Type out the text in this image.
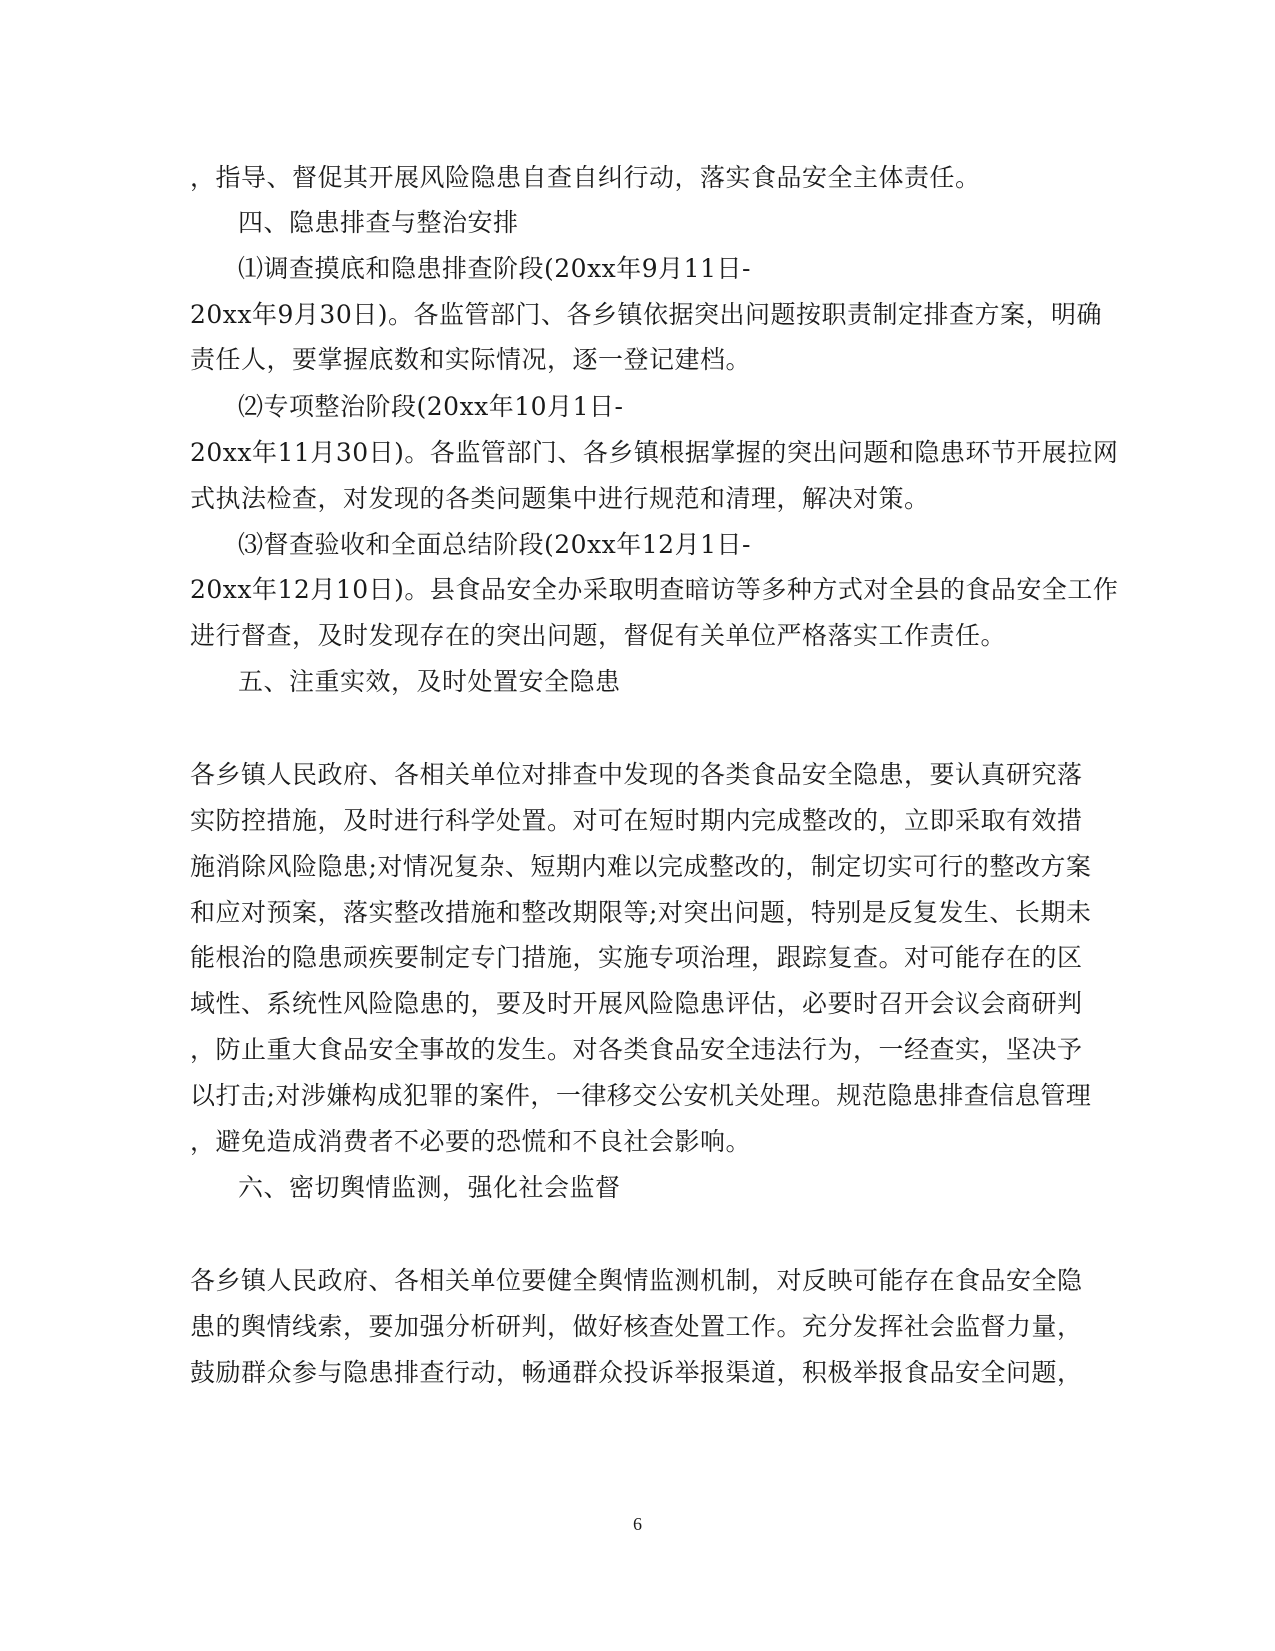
，指导、督促其开展风险隐患自查自纠行动，落实食品安全主体责任。
四、隐患排查与整治安排
⑴调查摸底和隐患排查阶段(20xx年9月11日-
20xx年9月30日)。各监管部门、各乡镇依据突出问题按职责制定排查方案，明确
责任人，要掌握底数和实际情况，逐一登记建档。
⑵专项整治阶段(20xx年10月1日-
20xx年11月30日)。各监管部门、各乡镇根据掌握的突出问题和隐患环节开展拉网
式执法检查，对发现的各类问题集中进行规范和清理，解决对策。
⑶督查验收和全面总结阶段(20xx年12月1日-
20xx年12月10日)。县食品安全办采取明查暗访等多种方式对全县的食品安全工作
进行督查，及时发现存在的突出问题，督促有关单位严格落实工作责任。
五、注重实效，及时处置安全隐患
各乡镇人民政府、各相关单位对排查中发现的各类食品安全隐患，要认真研究落
实防控措施，及时进行科学处置。对可在短时期内完成整改的，立即采取有效措
施消除风险隐患;对情况复杂、短期内难以完成整改的，制定切实可行的整改方案
和应对预案，落实整改措施和整改期限等;对突出问题，特别是反复发生、长期未
能根治的隐患顽疾要制定专门措施，实施专项治理，跟踪复查。对可能存在的区
域性、系统性风险隐患的，要及时开展风险隐患评估，必要时召开会议会商研判
，防止重大食品安全事故的发生。对各类食品安全违法行为，一经查实，坚决予
以打击;对涉嫌构成犯罪的案件，一律移交公安机关处理。规范隐患排查信息管理
，避免造成消费者不必要的恐慌和不良社会影响。
六、密切舆情监测，强化社会监督
各乡镇人民政府、各相关单位要健全舆情监测机制，对反映可能存在食品安全隐
患的舆情线索，要加强分析研判，做好核查处置工作。充分发挥社会监督力量，
鼓励群众参与隐患排查行动，畅通群众投诉举报渠道，积极举报食品安全问题，
6
